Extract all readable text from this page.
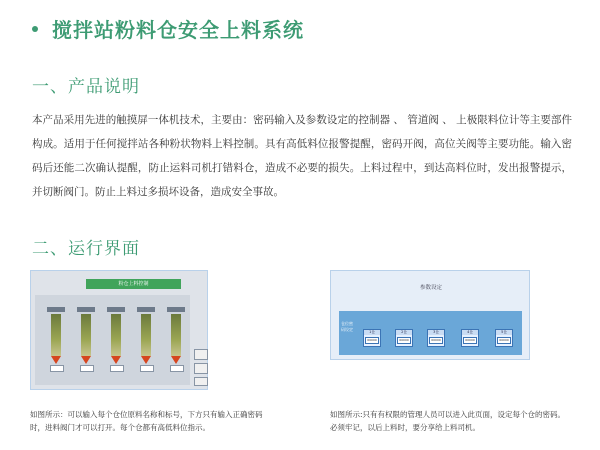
搅拌站粉料仓安全上料系统
一、产品说明

本产品采用先进的触摸屏一体机技术，主要由：密码输入及参数设定的控制器 、 管道阀 、 上极限料位计等主要部件构成。适用于任何搅拌站各种粉状物料上料控制。具有高低料位报警提醒，密码开阀，高位关阀等主要功能。输入密码后还能二次确认提醒，防止运料司机打错料仓，造成不必要的损失。上料过程中，到达高料位时，发出报警提示，并切断阀门。防止上料过多损坏设备，造成安全事故。

二、运行界面
粉仓上料控制
如图所示：可以输入每个仓位原料名称和标号，下方只有输入正确密码时，进料阀门才可以打开。每个仓都有高低料位指示。
参数设定
仓位密码设定	1仓
00000
2仓
00000
3仓
00000
4仓
00000
5仓
00000
如图所示:只有有权限的管理人员可以进入此页面，设定每个仓的密码。必须牢记，以后上料时，要分享给上料司机。
